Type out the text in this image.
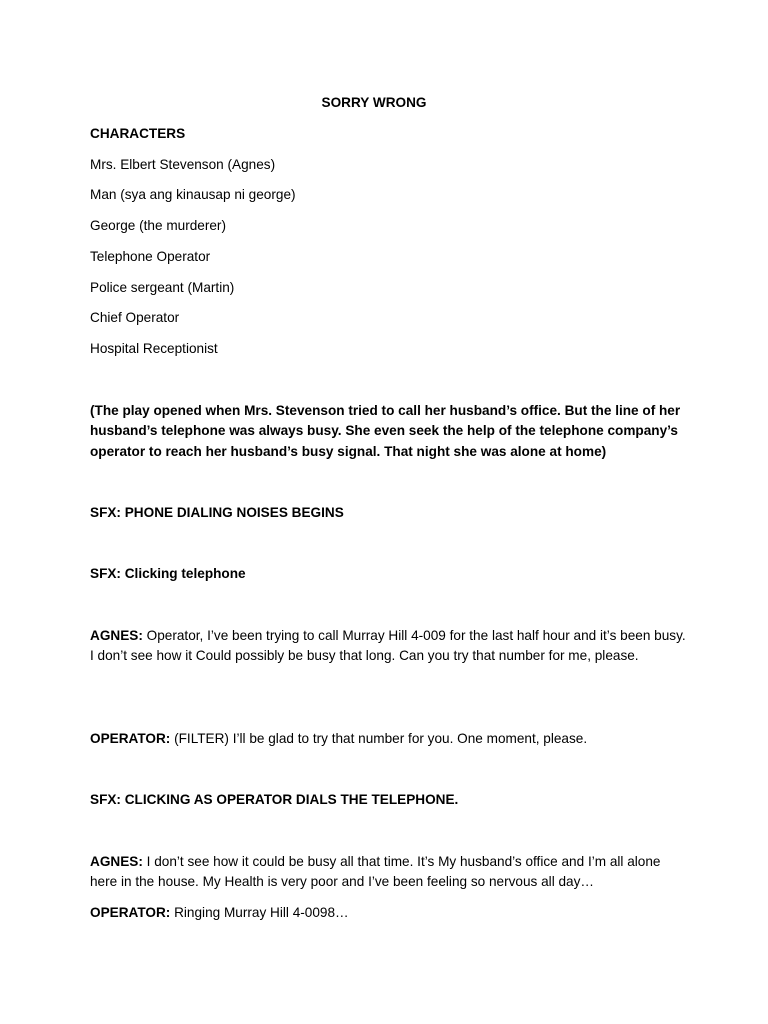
SORRY WRONG
CHARACTERS
Mrs. Elbert Stevenson (Agnes)
Man (sya ang kinausap ni george)
George (the murderer)
Telephone Operator
Police sergeant (Martin)
Chief Operator
Hospital Receptionist
(The play opened when Mrs. Stevenson tried to call her husband’s office. But the line of her husband’s telephone was always busy. She even seek the help of the telephone company’s operator to reach her husband’s busy signal. That night she was alone at home)
SFX: PHONE DIALING NOISES BEGINS
SFX: Clicking telephone
AGNES: Operator, I’ve been trying to call Murray Hill 4-009 for the last half hour and it’s been busy. I don’t see how it Could possibly be busy that long. Can you try that number for me, please.
OPERATOR: (FILTER) I’ll be glad to try that number for you. One moment, please.
SFX: CLICKING AS OPERATOR DIALS THE TELEPHONE.
AGNES: I don’t see how it could be busy all that time. It’s My husband’s office and I’m all alone here in the house. My Health is very poor and I’ve been feeling so nervous all day…
OPERATOR: Ringing Murray Hill 4-0098…
